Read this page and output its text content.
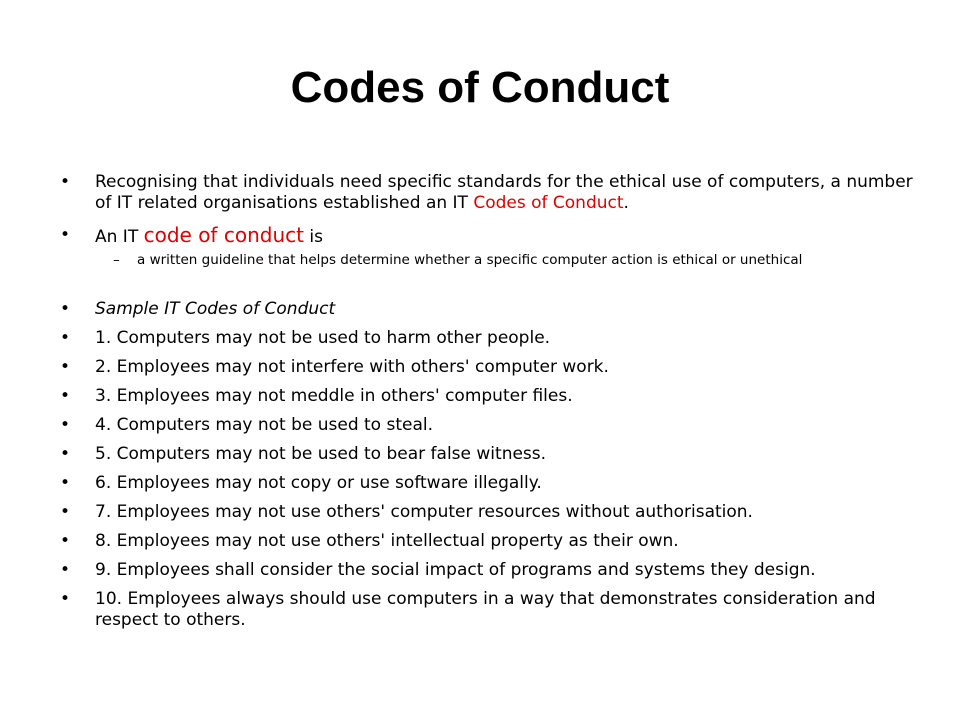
Codes of Conduct
• Recognising that individuals need specific standards for the ethical use of computers, a number of IT related organisations established an IT Codes of Conduct.
• An IT code of conduct is
– a written guideline that helps determine whether a specific computer action is ethical or unethical
• Sample IT Codes of Conduct
• 1. Computers may not be used to harm other people.
• 2. Employees may not interfere with others' computer work.
• 3. Employees may not meddle in others' computer files.
• 4. Computers may not be used to steal.
• 5. Computers may not be used to bear false witness.
• 6. Employees may not copy or use software illegally.
• 7. Employees may not use others' computer resources without authorisation.
• 8. Employees may not use others' intellectual property as their own.
• 9. Employees shall consider the social impact of programs and systems they design.
• 10. Employees always should use computers in a way that demonstrates consideration and respect to others.
